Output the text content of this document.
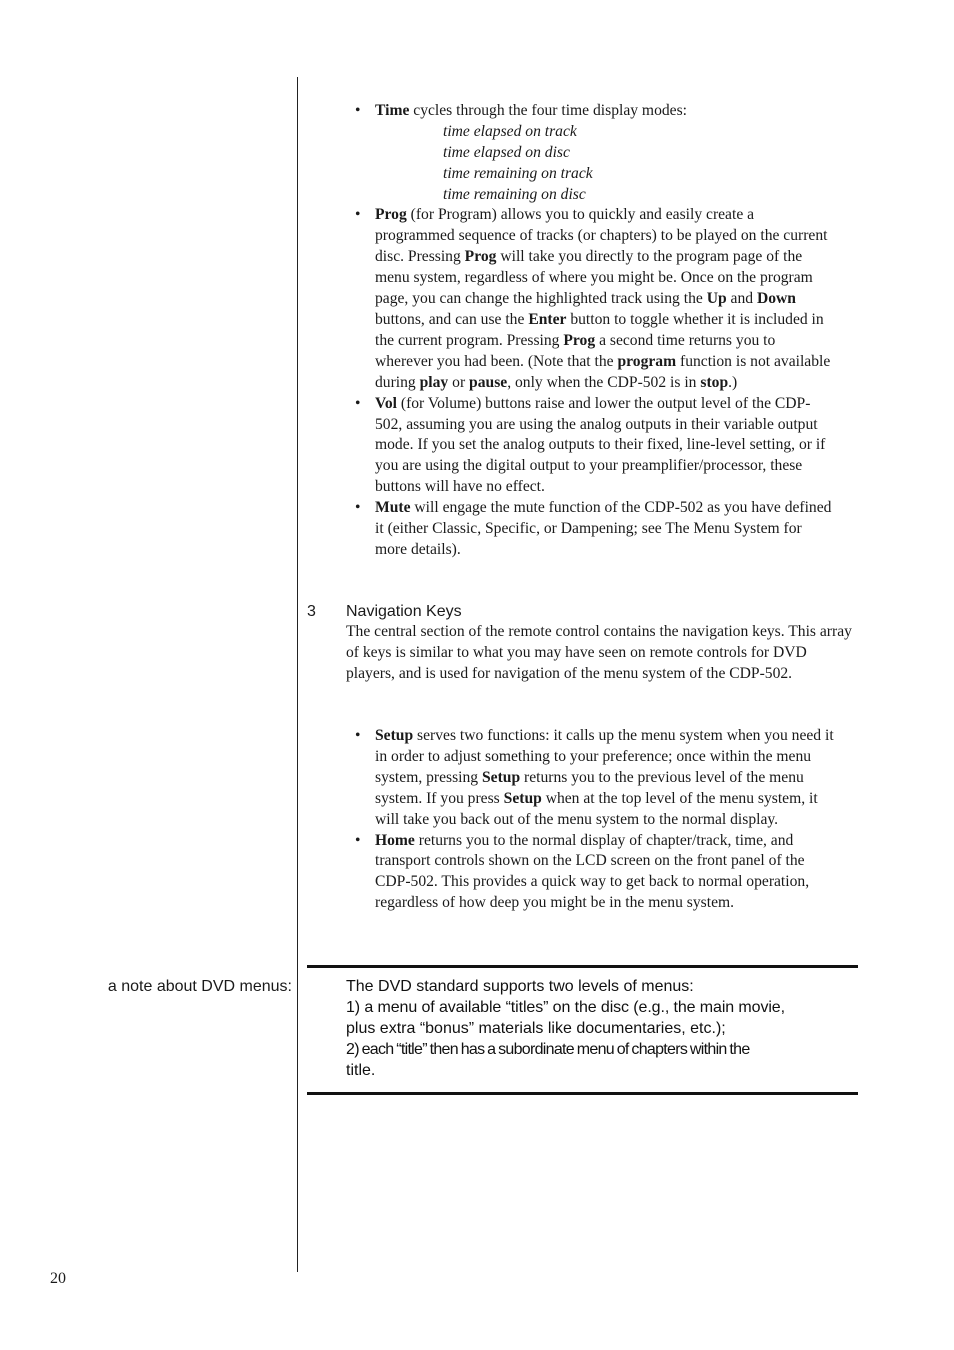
• Time cycles through the four time display modes:
time elapsed on track
time elapsed on disc
time remaining on track
time remaining on disc
• Prog (for Program) allows you to quickly and easily create a programmed sequence of tracks (or chapters) to be played on the current disc. Pressing Prog will take you directly to the program page of the menu system, regardless of where you might be. Once on the program page, you can change the highlighted track using the Up and Down buttons, and can use the Enter button to toggle whether it is included in the current program. Pressing Prog a second time returns you to wherever you had been. (Note that the program function is not available during play or pause, only when the CDP-502 is in stop.)
• Vol (for Volume) buttons raise and lower the output level of the CDP-502, assuming you are using the analog outputs in their variable output mode. If you set the analog outputs to their fixed, line-level setting, or if you are using the digital output to your preamplifier/processor, these buttons will have no effect.
• Mute will engage the mute function of the CDP-502 as you have defined it (either Classic, Specific, or Dampening; see The Menu System for more details).
3 Navigation Keys
The central section of the remote control contains the navigation keys. This array of keys is similar to what you may have seen on remote controls for DVD players, and is used for navigation of the menu system of the CDP-502.
• Setup serves two functions: it calls up the menu system when you need it in order to adjust something to your preference; once within the menu system, pressing Setup returns you to the previous level of the menu system. If you press Setup when at the top level of the menu system, it will take you back out of the menu system to the normal display.
• Home returns you to the normal display of chapter/track, time, and transport controls shown on the LCD screen on the front panel of the CDP-502. This provides a quick way to get back to normal operation, regardless of how deep you might be in the menu system.
a note about DVD menus:	The DVD standard supports two levels of menus:
1) a menu of available “titles” on the disc (e.g., the main movie,
plus extra “bonus” materials like documentaries, etc.);
2) each “title” then has a subordinate menu of chapters within the
title.
20
